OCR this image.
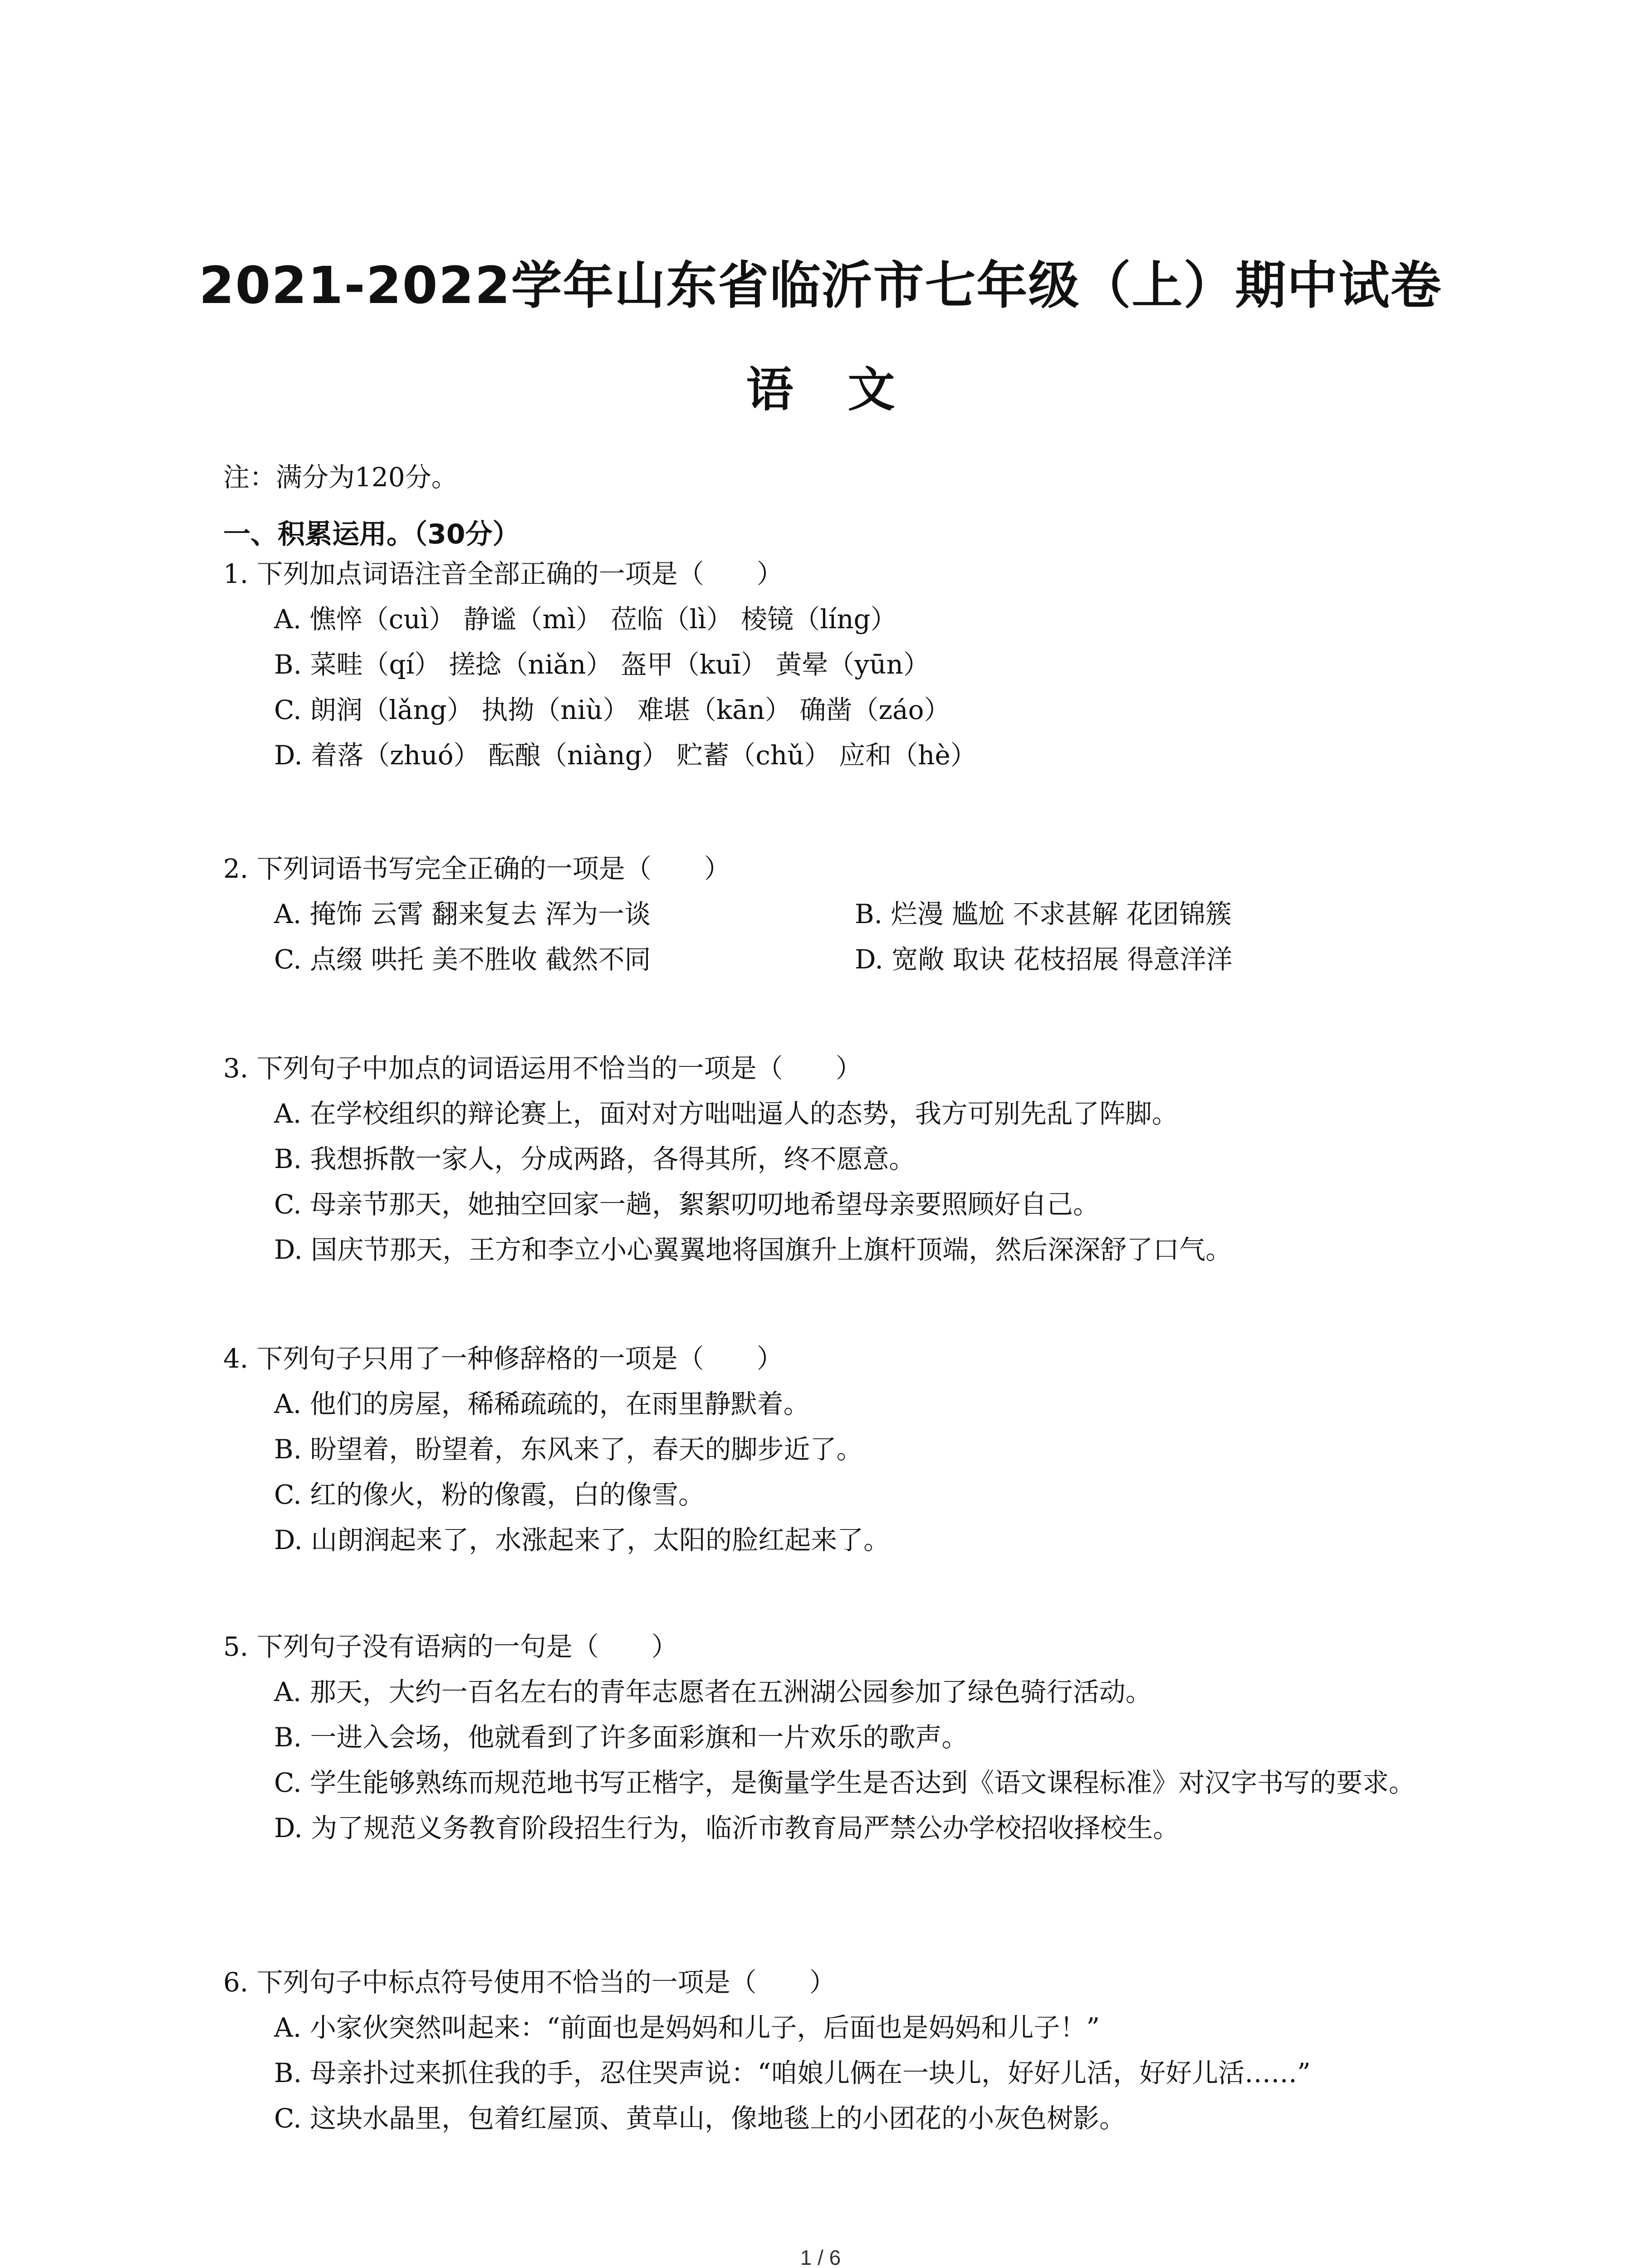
2021-2022学年山东省临沂市七年级（上）期中试卷
语文
注：满分为120分。
一、积累运用。（30分）
1. 下列加点词语注音全部正确的一项是（　　）
A. 憔悴（cuì） 静谧（mì） 莅临（lì） 棱镜（líng）
B. 菜畦（qí） 搓捻（niǎn） 盔甲（kuī） 黄晕（yūn）
C. 朗润（lǎng） 执拗（niù） 难堪（kān） 确凿（záo）
D. 着落（zhuó） 酝酿（niàng） 贮蓄（chǔ） 应和（hè）
2. 下列词语书写完全正确的一项是（　　）
A. 掩饰 云霄 翻来复去 浑为一谈	B. 烂漫 尴尬 不求甚解 花团锦簇
C. 点缀 哄托 美不胜收 截然不同	D. 宽敞 取诀 花枝招展 得意洋洋
3. 下列句子中加点的词语运用不恰当的一项是（　　）
A. 在学校组织的辩论赛上，面对对方咄咄逼人的态势，我方可别先乱了阵脚。
B. 我想拆散一家人，分成两路，各得其所，终不愿意。
C. 母亲节那天，她抽空回家一趟，絮絮叨叨地希望母亲要照顾好自己。
D. 国庆节那天，王方和李立小心翼翼地将国旗升上旗杆顶端，然后深深舒了口气。
4. 下列句子只用了一种修辞格的一项是（　　）
A. 他们的房屋，稀稀疏疏的，在雨里静默着。
B. 盼望着，盼望着，东风来了，春天的脚步近了。
C. 红的像火，粉的像霞，白的像雪。
D. 山朗润起来了，水涨起来了，太阳的脸红起来了。
5. 下列句子没有语病的一句是（　　）
A. 那天，大约一百名左右的青年志愿者在五洲湖公园参加了绿色骑行活动。
B. 一进入会场，他就看到了许多面彩旗和一片欢乐的歌声。
C. 学生能够熟练而规范地书写正楷字，是衡量学生是否达到《语文课程标准》对汉字书写的要求。
D. 为了规范义务教育阶段招生行为，临沂市教育局严禁公办学校招收择校生。
6. 下列句子中标点符号使用不恰当的一项是（　　）
A. 小家伙突然叫起来：“前面也是妈妈和儿子，后面也是妈妈和儿子！”
B. 母亲扑过来抓住我的手，忍住哭声说：“咱娘儿俩在一块儿，好好儿活，好好儿活……”
C. 这块水晶里，包着红屋顶、黄草山，像地毯上的小团花的小灰色树影。
1 / 6
